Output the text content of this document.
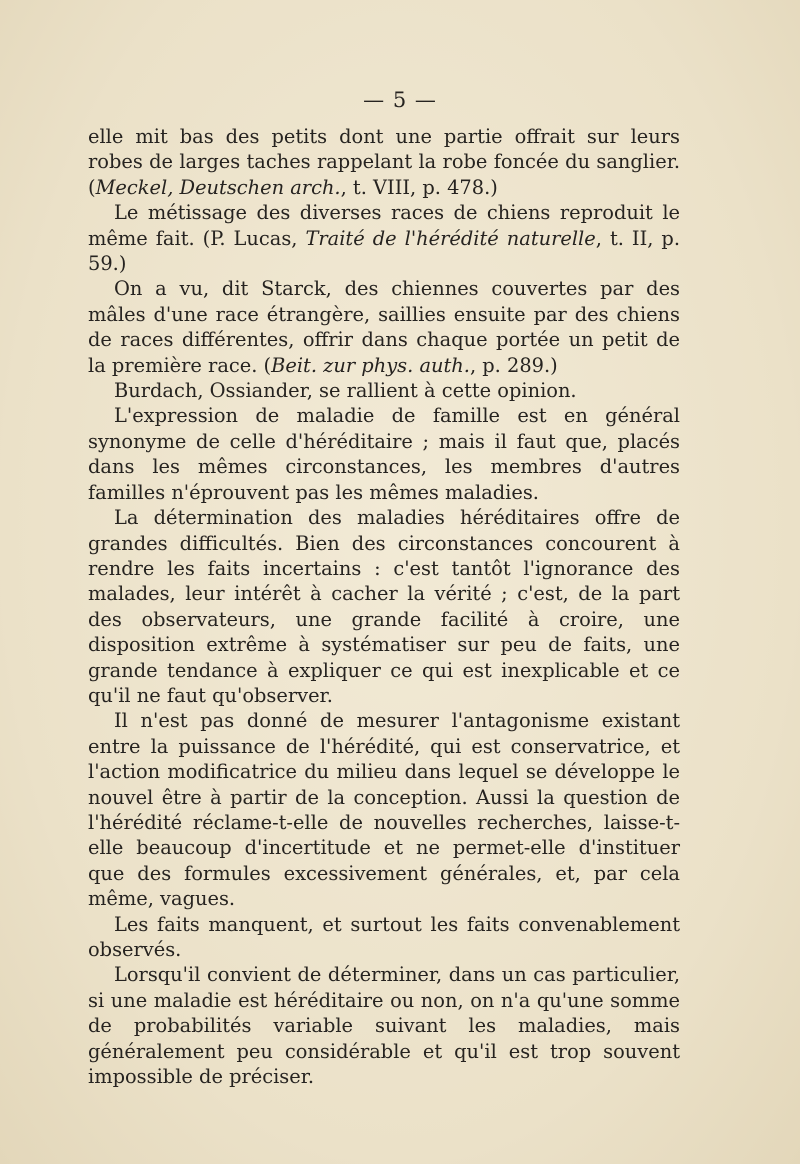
— 5 —

elle mit bas des petits dont une partie offrait sur leurs robes de larges taches rappelant la robe foncée du sanglier. (Meckel, Deutschen arch., t. VIII, p. 478.)

Le métissage des diverses races de chiens reproduit le même fait. (P. Lucas, Traité de l'hérédité naturelle, t. II, p. 59.)

On a vu, dit Starck, des chiennes couvertes par des mâles d'une race étrangère, saillies ensuite par des chiens de races différentes, offrir dans chaque portée un petit de la première race. (Beit. zur phys. auth., p. 289.)

Burdach, Ossiander, se rallient à cette opinion.

L'expression de maladie de famille est en général synonyme de celle d'héréditaire ; mais il faut que, placés dans les mêmes circonstances, les membres d'autres familles n'éprouvent pas les mêmes maladies.

La détermination des maladies héréditaires offre de grandes difficultés. Bien des circonstances concourent à rendre les faits incertains : c'est tantôt l'ignorance des malades, leur intérêt à cacher la vérité ; c'est, de la part des observateurs, une grande facilité à croire, une disposition extrême à systématiser sur peu de faits, une grande tendance à expliquer ce qui est inexplicable et ce qu'il ne faut qu'observer.

Il n'est pas donné de mesurer l'antagonisme existant entre la puissance de l'hérédité, qui est conservatrice, et l'action modificatrice du milieu dans lequel se développe le nouvel être à partir de la conception. Aussi la question de l'hérédité réclame-t-elle de nouvelles recherches, laisse-t-elle beaucoup d'incertitude et ne permet-elle d'instituer que des formules excessivement générales, et, par cela même, vagues.

Les faits manquent, et surtout les faits convenablement observés.

Lorsqu'il convient de déterminer, dans un cas particulier, si une maladie est héréditaire ou non, on n'a qu'une somme de probabilités variable suivant les maladies, mais généralement peu considérable et qu'il est trop souvent impossible de préciser.
